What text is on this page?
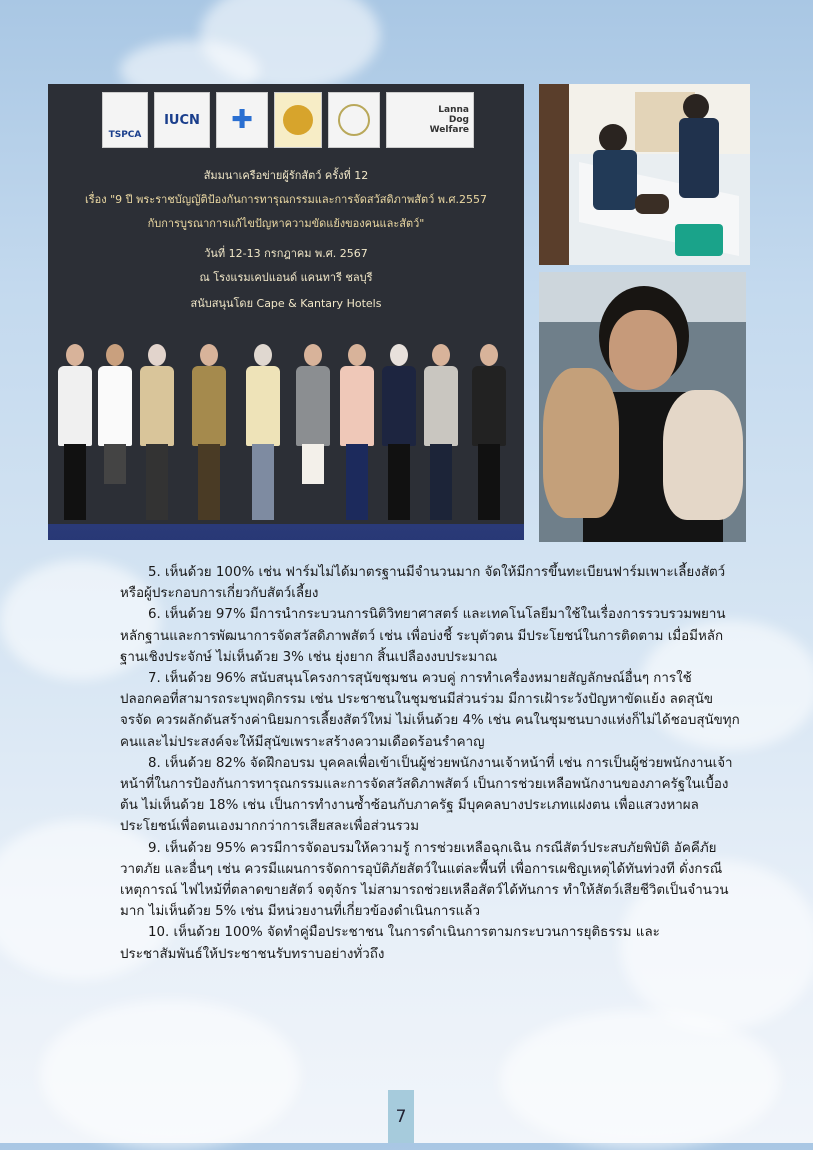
TSPCA
IUCN ✚	Lanna Dog Welfare
สัมมนาเครือข่ายผู้รักสัตว์ ครั้งที่ 12
เรื่อง "9 ปี พระราชบัญญัติป้องกันการทารุณกรรมและการจัดสวัสดิภาพสัตว์ พ.ศ.2557
กับการบูรณาการแก้ไขปัญหาความขัดแย้งของคนและสัตว์"
วันที่ 12-13 กรกฎาคม พ.ศ. 2567
ณ โรงแรมเคปแอนด์ แคนทารี ชลบุรี
สนับสนุนโดย Cape & Kantary Hotels

5. เห็นด้วย 100% เช่น ฟาร์มไม่ได้มาตรฐานมีจำนวนมาก จัดให้มีการขึ้นทะเบียนฟาร์มเพาะเลี้ยงสัตว์หรือผู้ประกอบการเกี่ยวกับสัตว์เลี้ยง

6. เห็นด้วย 97% มีการนำกระบวนการนิติวิทยาศาสตร์ และเทคโนโลยีมาใช้ในเรื่องการรวบรวมพยานหลักฐานและการพัฒนาการจัดสวัสดิภาพสัตว์ เช่น เพื่อบ่งชี้ ระบุตัวตน มีประโยชน์ในการติดตาม เมื่อมีหลักฐานเชิงประจักษ์ ไม่เห็นด้วย 3% เช่น ยุ่งยาก สิ้นเปลืองงบประมาณ

7. เห็นด้วย 96% สนับสนุนโครงการสุนัขชุมชน ควบคู่ การทำเครื่องหมายสัญลักษณ์อื่นๆ การใช้ปลอกคอที่สามารถระบุพฤติกรรม เช่น ประชาชนในชุมชนมีส่วนร่วม มีการเฝ้าระวังปัญหาขัดแย้ง ลดสุนัขจรจัด ควรผลักดันสร้างค่านิยมการเลี้ยงสัตว์ใหม่ ไม่เห็นด้วย 4% เช่น คนในชุมชนบางแห่งก็ไม่ได้ชอบสุนัขทุกคนและไม่ประสงค์จะให้มีสุนัขเพราะสร้างความเดือดร้อนรำคาญ

8. เห็นด้วย 82% จัดฝึกอบรม บุคคลเพื่อเข้าเป็นผู้ช่วยพนักงานเจ้าหน้าที่ เช่น การเป็นผู้ช่วยพนักงานเจ้าหน้าที่ในการป้องกันการทารุณกรรมและการจัดสวัสดิภาพสัตว์ เป็นการช่วยเหลือพนักงานของภาครัฐในเบื้องต้น ไม่เห็นด้วย 18% เช่น เป็นการทำงานซ้ำซ้อนกับภาครัฐ มีบุคคลบางประเภทแฝงตน เพื่อแสวงหาผลประโยชน์เพื่อตนเองมากกว่าการเสียสละเพื่อส่วนรวม

9. เห็นด้วย 95% ควรมีการจัดอบรมให้ความรู้ การช่วยเหลือฉุกเฉิน กรณีสัตว์ประสบภัยพิบัติ อัคคีภัย วาตภัย และอื่นๆ เช่น ควรมีแผนการจัดการอุบัติภัยสัตว์ในแต่ละพื้นที่ เพื่อการเผชิญเหตุได้ทันท่วงที ดั่งกรณีเหตุการณ์ ไฟไหม้ที่ตลาดขายสัตว์ จตุจักร ไม่สามารถช่วยเหลือสัตว์ได้ทันการ ทำให้สัตว์เสียชีวิตเป็นจำนวนมาก ไม่เห็นด้วย 5% เช่น มีหน่วยงานที่เกี่ยวข้องดำเนินการแล้ว

10. เห็นด้วย 100% จัดทำคู่มือประชาชน ในการดำเนินการตามกระบวนการยุติธรรม และประชาสัมพันธ์ให้ประชาชนรับทราบอย่างทั่วถึง

7
